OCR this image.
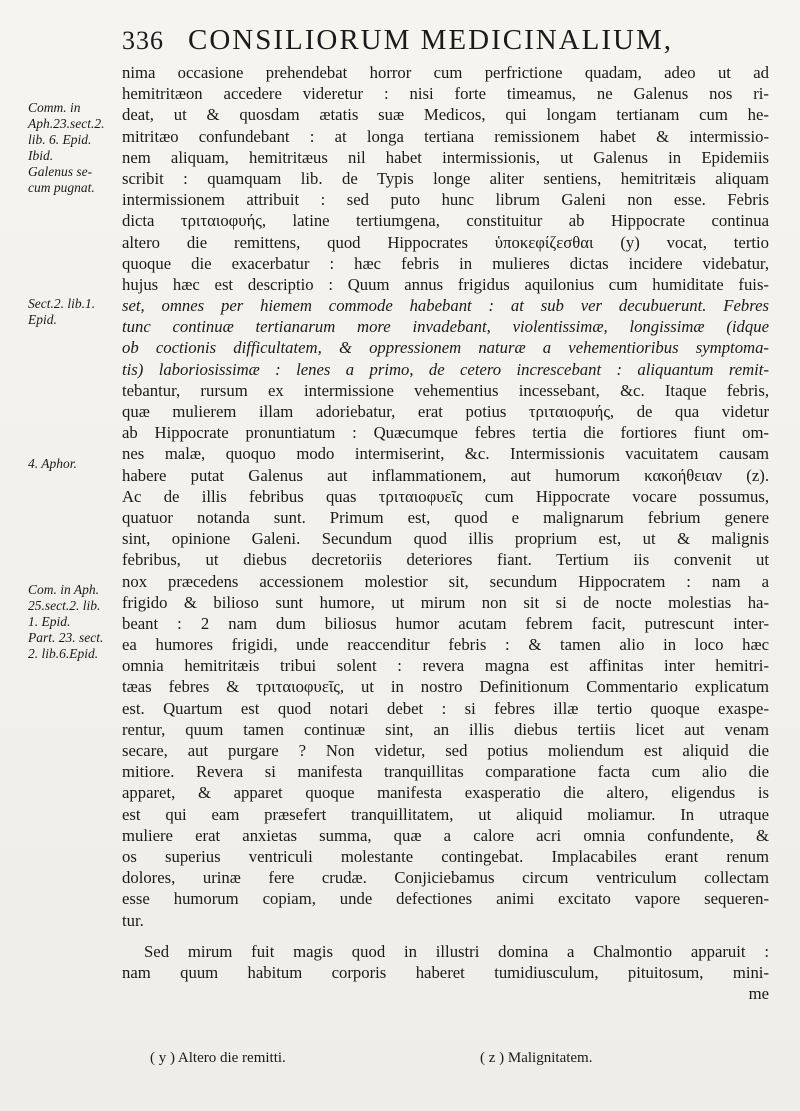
336 CONSILIORUM MEDICINALIUM,
Comm. in
Aph.23.sect.2.
lib. 6. Epid.
Ibid.
Galenus se-
cum pugnat.
Sect.2. lib.1.
Epid.
4. Aphor.
Com. in Aph.
25.sect.2. lib.
1. Epid.
Part. 23. sect.
2. lib.6.Epid.
nima occasione prehendebat horror cum perfrictione quadam, adeo ut ad
hemitritæon accedere videretur : nisi forte timeamus, ne Galenus nos ri-
deat, ut & quosdam ætatis suæ Medicos, qui longam tertianam cum he-
mitritæo confundebant : at longa tertiana remissionem habet & intermissio-
nem aliquam, hemitritæus nil habet intermissionis, ut Galenus in Epidemiis
scribit : quamquam lib. de Typis longe aliter sentiens, hemitritæis aliquam
intermissionem attribuit : sed puto hunc librum Galeni non esse. Febris
dicta τριταιοφυής, latine tertiumgena, constituitur ab Hippocrate continua
altero die remittens, quod Hippocrates ὑποκεφίζεσθαι (y) vocat, tertio
quoque die exacerbatur : hæc febris in mulieres dictas incidere videbatur,
hujus hæc est descriptio : Quum annus frigidus aquilonius cum humiditate fuis-
set, omnes per hiemem commode habebant : at sub ver decubuerunt. Febres
tunc continuæ tertianarum more invadebant, violentissimæ, longissimæ (idque
ob coctionis difficultatem, & oppressionem naturæ a vehementioribus symptoma-
tis) laboriosissimæ : lenes a primo, de cetero increscebant : aliquantum remit-
tebantur, rursum ex intermissione vehementius incessebant, &c. Itaque febris,
quæ mulierem illam adoriebatur, erat potius τριταιοφυής, de qua videtur
ab Hippocrate pronuntiatum : Quæcumque febres tertia die fortiores fiunt om-
nes malæ, quoquo modo intermiserint, &c. Intermissionis vacuitatem causam
habere putat Galenus aut inflammationem, aut humorum κακοήθειαν (z).
Ac de illis febribus quas τριταιοφυεῖς cum Hippocrate vocare possumus,
quatuor notanda sunt. Primum est, quod e malignarum febrium genere
sint, opinione Galeni. Secundum quod illis proprium est, ut & malignis
febribus, ut diebus decretoriis deteriores fiant. Tertium iis convenit ut
nox præcedens accessionem molestior sit, secundum Hippocratem : nam a
frigido & bilioso sunt humore, ut mirum non sit si de nocte molestias ha-
beant : 2 nam dum biliosus humor acutam febrem facit, putrescunt inter-
ea humores frigidi, unde reaccenditur febris : & tamen alio in loco hæc
omnia hemitritæis tribui solent : revera magna est affinitas inter hemitri-
tæas febres & τριταιοφυεῖς, ut in nostro Definitionum Commentario explicatum
est. Quartum est quod notari debet : si febres illæ tertio quoque exaspe-
rentur, quum tamen continuæ sint, an illis diebus tertiis licet aut venam
secare, aut purgare ? Non videtur, sed potius moliendum est aliquid die
mitiore. Revera si manifesta tranquillitas comparatione facta cum alio die
apparet, & apparet quoque manifesta exasperatio die altero, eligendus is
est qui eam præsefert tranquillitatem, ut aliquid moliamur. In utraque
muliere erat anxietas summa, quæ a calore acri omnia confundente, &
os superius ventriculi molestante contingebat. Implacabiles erant renum
dolores, urinæ fere crudæ. Conjiciebamus circum ventriculum collectam
esse humorum copiam, unde defectiones animi excitato vapore sequeren-
tur.
Sed mirum fuit magis quod in illustri domina a Chalmontio apparuit :
nam quum habitum corporis haberet tumidiusculum, pituitosum, mini-
me
( y ) Altero die remitti.	( z ) Malignitatem.
